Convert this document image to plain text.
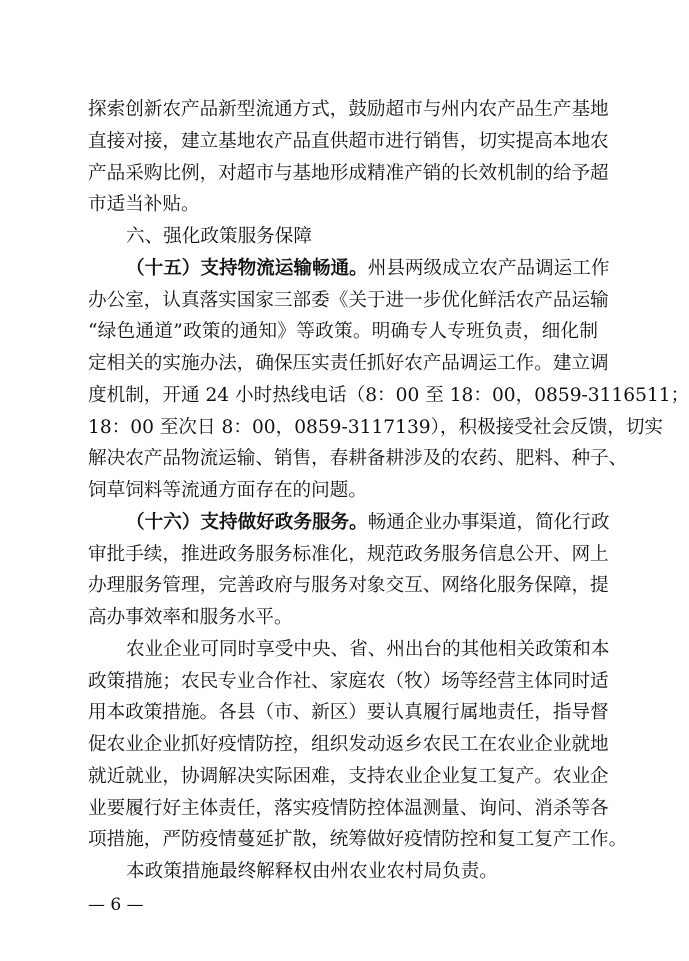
探索创新农产品新型流通方式，鼓励超市与州内农产品生产基地
直接对接，建立基地农产品直供超市进行销售，切实提高本地农
产品采购比例，对超市与基地形成精准产销的长效机制的给予超
市适当补贴。
六、强化政策服务保障
（十五）支持物流运输畅通。州县两级成立农产品调运工作
办公室，认真落实国家三部委《关于进一步优化鲜活农产品运输
“绿色通道”政策的通知》等政策。明确专人专班负责，细化制
定相关的实施办法，确保压实责任抓好农产品调运工作。建立调
度机制，开通 24 小时热线电话（8：00 至 18：00，0859-3116511；
18：00 至次日 8：00，0859-3117139），积极接受社会反馈，切实
解决农产品物流运输、销售，春耕备耕涉及的农药、肥料、种子、
饲草饲料等流通方面存在的问题。
（十六）支持做好政务服务。畅通企业办事渠道，简化行政
审批手续，推进政务服务标准化，规范政务服务信息公开、网上
办理服务管理，完善政府与服务对象交互、网络化服务保障，提
高办事效率和服务水平。
农业企业可同时享受中央、省、州出台的其他相关政策和本
政策措施；农民专业合作社、家庭农（牧）场等经营主体同时适
用本政策措施。各县（市、新区）要认真履行属地责任，指导督
促农业企业抓好疫情防控，组织发动返乡农民工在农业企业就地
就近就业，协调解决实际困难，支持农业企业复工复产。农业企
业要履行好主体责任，落实疫情防控体温测量、询问、消杀等各
项措施，严防疫情蔓延扩散，统筹做好疫情防控和复工复产工作。
本政策措施最终解释权由州农业农村局负责。
— 6 —
